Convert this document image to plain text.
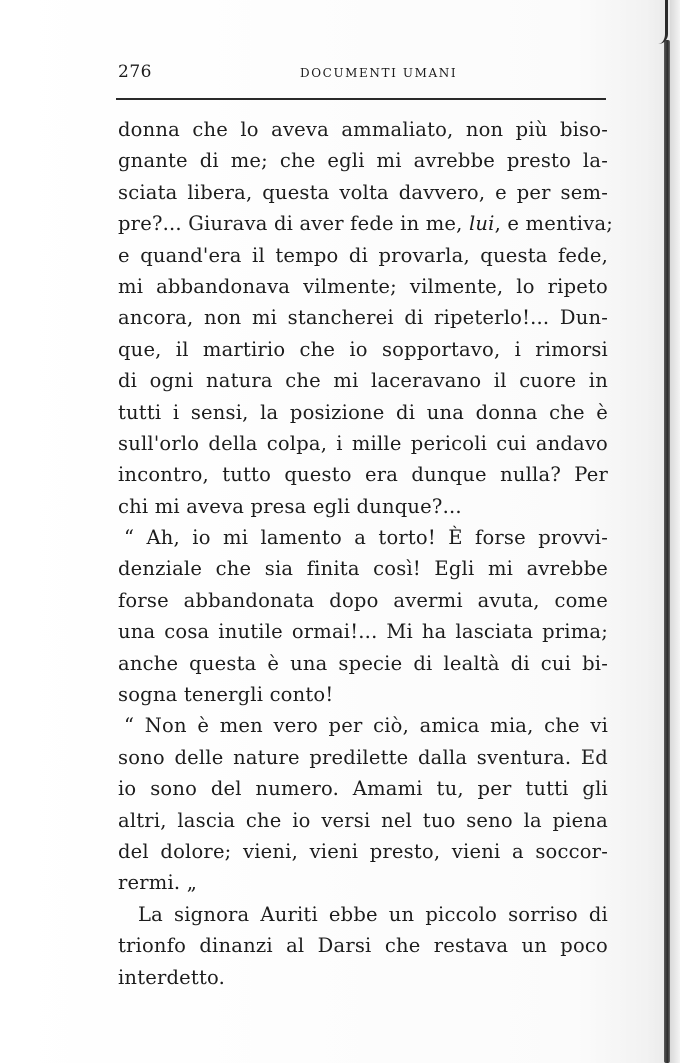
276	DOCUMENTI UMANI
donna che lo aveva ammaliato, non più biso-
gnante di me; che egli mi avrebbe presto la-
sciata libera, questa volta davvero, e per sem-
pre?... Giurava di aver fede in me, lui, e mentiva;
e quand'era il tempo di provarla, questa fede,
mi abbandonava vilmente; vilmente, lo ripeto
ancora, non mi stancherei di ripeterlo!... Dun-
que, il martirio che io sopportavo, i rimorsi
di ogni natura che mi laceravano il cuore in
tutti i sensi, la posizione di una donna che è
sull'orlo della colpa, i mille pericoli cui andavo
incontro, tutto questo era dunque nulla? Per
chi mi aveva presa egli dunque?...
“ Ah, io mi lamento a torto! È forse provvi-
denziale che sia finita così! Egli mi avrebbe
forse abbandonata dopo avermi avuta, come
una cosa inutile ormai!... Mi ha lasciata prima;
anche questa è una specie di lealtà di cui bi-
sogna tenergli conto!
“ Non è men vero per ciò, amica mia, che vi
sono delle nature predilette dalla sventura. Ed
io sono del numero. Amami tu, per tutti gli
altri, lascia che io versi nel tuo seno la piena
del dolore; vieni, vieni presto, vieni a soccor-
rermi. „
La signora Auriti ebbe un piccolo sorriso di
trionfo dinanzi al Darsi che restava un poco
interdetto.
